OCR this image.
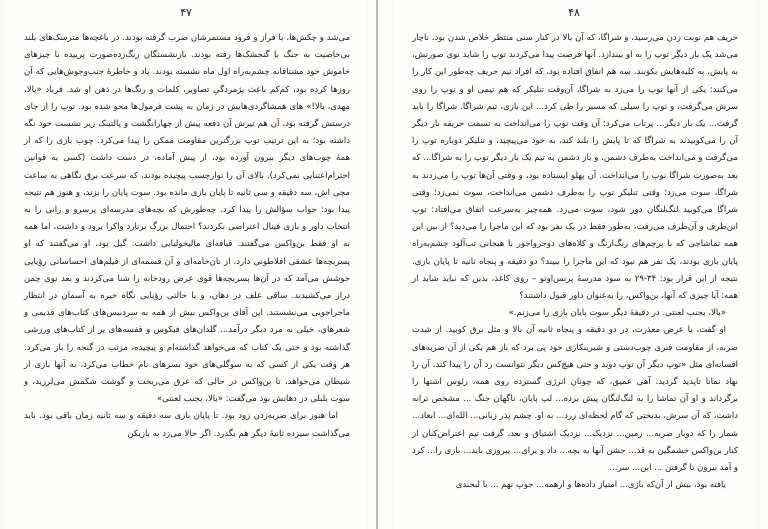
۴۷

می‌شد و چکش‌ها، با فراز و فرود مستمرشان ضرب گرفته بودند. در باغچه‌ها مترسک‌های بلند بی‌خاصیت به جنگ با گنجشک‌ها رفته بودند. بازنشستگان رنگ‌زده‌صورت پرپیده با چیزهای خاموش خود مشتاقانه چشم‌به‌راه اول ماه نشسته بودند. پاد و خاطرهٔ جنب‌وجوش‌هایی که آن روزها کرده بود، کم‌کم باعث پژمردگیِ تصاویر، کلمات و رنگ‌ها در ذهن او شد. فرباد «یالا، مهدی، یالا!» های همشاگردی‌هایش در زمان به پشت فرمول‌ها محو شده بود. توپ را از جای درستش گرفته بود، آن هم تیرش آن دفعه پیش از چهارانگشت و پالتینک زیر نشست خود نگه داشته بود؛ به این ترتیب توپ بزرگترین مقاومت ممکن را پیدا می‌کرد. چوب بازی را که از همهٔ چوب‌های دیگر بیرون آورده بود، از پیش آماده، در دست داشت (کسی به قوانین احترام‌اعتنایی نمی‌کرد). بالای آن را نوارچسب پیچیده بودند، که سرعت برق نگاهی به ساعت مچی اش، سه دقیقه و سی ثانیه تا پایان بازی مانده بود. سوت پایان را بزند، و هنوز هم نتیجه پیدا بود: جواب سؤالش را پیدا کرد. چه‌طورش که بچه‌های مدرسه‌ای پرسرو و رانی را به انتخاب داور و بازی فینال اعتراضی نکردند؟ احتمال بزرگ برنارد واکرا برود و داشت، اما همه به او فقط بن‌واکس می‌گفتند. قیافه‌ای مالیخولیایی داشت. گیل بود، او می‌گفتند که او پسربچه‌ها عشقی افلاطونی دارد. از نان‌خامه‌ای و آن قسمه‌ای از فیلم‌های احساساتی رؤیایی خوشش می‌آمد که در آن‌ها پسربچه‌ها قوی عرض رودخانه را شنا می‌کردند و بعد نوی چمن دراز می‌کشیدند. ساقی علف در دهان، و با حالتی رؤیایی نگاه خیره به آسمان در انتظار ماجراجویی می‌نشستند. این آقای بن‌واکس بیش از همه به سردبیس‌های کتاب‌های قدیمی و شعرهای، خیلی به مرد دیگر درآمد... گلدان‌های فیکوس و قفسه‌های پر از کتاب‌های ورزشی گذاشته بود و حتی یک کتاب که می‌خواهد گذاشته‌ام و پیچیده، مرتب در گنجه را باز می‌کرد. هر وقت یکی از کسی که به سوگلی‌های خود بسرهای نام خطاب می‌کرد، به آنها بازی از شیطان می‌خواهد، تا بن‌واکس در حالی که عرق می‌ریخت و گوشت شکمش می‌لرزید، و سوت بلبلی در دهانش بود می‌گفت: «یالا، بجنب لعنتی»

اما هنوز برای ضربه‌زدن زود بود. تا پایان بازی سه دقیقه و سه ثانیه زمان باقی بود. باید می‌گذاشت سیزده ثانیهٔ دیگر هم بگذرد. اگر حالا می‌زد به بازیکن

۴۸

حریف هم نوبت زدن می‌رسید، و شراگا، که آن بالا در کنار سنی منتظر خلاص شدن بود، ناچار می‌شد یک بار دیگر توپ را به او بیندازد. آنها فرصت پیدا می‌کردند توپ را شاید نوی صورتش، به پایش، به کلیه‌هایش بکوبند. سه هم اتفاق افتاده بود، که افراد تیم حریف چه‌طور این کار را می‌کنند: یکی از آنها توپ را می‌زد به شراگا، آن‌وقت تنلیکر که هم تیمی او و نوپ را روی سرش می‌گرفت، و توپ را سیلی که مسیر را طی کرد... این بازی، تیم شراگا. شراگا را باید گرفت... یک بار دیگر... پرتاب می‌کرد؛ آن وقت توپ را می‌انداخت به تسمت حریفه بار دیگر آن را می‌کوبیدند به شراگا که تا پایش را بلند کند، به خود می‌پیچید، و تنلیکر دوباره توپ را می‌گرفت و می‌انداخت به‌طرف دشمن، و باز دشمن به تیم یک بار دیگر توپ را به شراگا... که بعد به‌صورت شراگا نوپ را می‌انداخت. آن پهلو ایستاده بود، و وقتی آن‌ها توپ را می‌زدند به شراگا، سوت می‌زد؛ وقتی تنلیکر توپ را به‌طرف دشمن می‌انداخت، سوت نمی‌زد؛ وقتی شراگا می‌کوبید لنگ‌لنگان دور شود، سوت می‌زد. همه‌چیز به‌سرعت اتفاق می‌افتاد: توپ این‌طرف و آن‌طرف می‌رفت، به‌طور فقط در یک نفر بود که این ماجرا را می‌دید؟ از بین این همه تماشاچی که با پرچم‌های رنگ‌ارنگ و کلاه‌های دوجرواجور با هیجانی تب‌آلود چشم‌به‌راه پایان بازی بودند، یک نفر هم نبود که این ماجرا را ببیند؟ دو دقیقه و پنجاه ثانیه تا پایان بازی. نتیجه از این قرار بود: ۳۴-۲۹ به سود مدرسهٔ پرنس‌اوتو – روی کاغذ، بدین که نباید شاید از همه: آیا چیزی که آنها، بن‌واکس، را به‌عنوان داور قبول داشتند؟

«یالا، بجنب لعنتی. در دقیقهٔ دیگر سوت پایان بازی را می‌زنم.»

او گفت، با عرض معذرت، در دو دقیقه و پنجاه ثانیه آن بالا و مثل برق کوبید. از شدت ضربه، از مقاومت فنری چوب‌دستی و شیرینکاری خود پی برد که باز هم یکی از آن ضربه‌های افسانه‌ای مثل «توپ دیگر آن توپ دوید و حتی هیچ‌کس دیگر نتوانست رد آن را پیدا کند. آن را نهاد نمانا تاپدید گردید. آهی عمیق، که چونان انرژی گسترده روی همه، رئوس اشتها را برگرداند و او آن تماشا را به لنگ‌لنگان پیش برده... لپ پایان، ناگهان جنگ ... مشخص ترانه داشت، که آن سرش، بدبختی که گام لحظه‌ای زرد... به او. چشم پدر زبانی... الله‌ای... ابعاد... شمار را که دوبار ضربه... زمین... نزدیک... نزدیک اشتیاق و بعد، گرفت تیم اعتراض‌کنان از کنار بن‌واکس خشمگین به قد... جشن آنها به بچه... داد و برای... پیروزی باید... بازی را... کرد و آمد بیرون تا گرفتن ... این... سر...

یافته بود، بیش از آن‌که بازی... امتیاز داده‌ها و ازهمه... جوپ نهم ... با لبخندی
